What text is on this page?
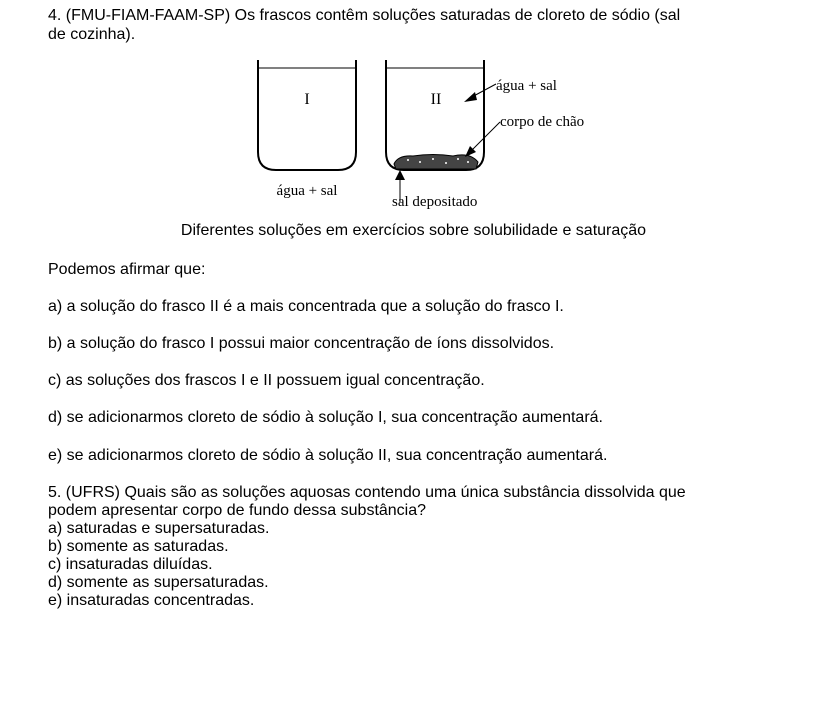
4. (FMU-FIAM-FAAM-SP) Os frascos contêm soluções saturadas de cloreto de sódio (sal
de cozinha).
I	II
água + sal
corpo de chão
sal depositado
água + sal
Diferentes soluções em exercícios sobre solubilidade e saturação
Podemos afirmar que:
a) a solução do frasco II é a mais concentrada que a solução do frasco I.
b) a solução do frasco I possui maior concentração de íons dissolvidos.
c) as soluções dos frascos I e II possuem igual concentração.
d) se adicionarmos cloreto de sódio à solução I, sua concentração aumentará.
e) se adicionarmos cloreto de sódio à solução II, sua concentração aumentará.
5. (UFRS) Quais são as soluções aquosas contendo uma única substância dissolvida que
podem apresentar corpo de fundo dessa substância?
a) saturadas e supersaturadas.
b) somente as saturadas.
c) insaturadas diluídas.
d) somente as supersaturadas.
e) insaturadas concentradas.
